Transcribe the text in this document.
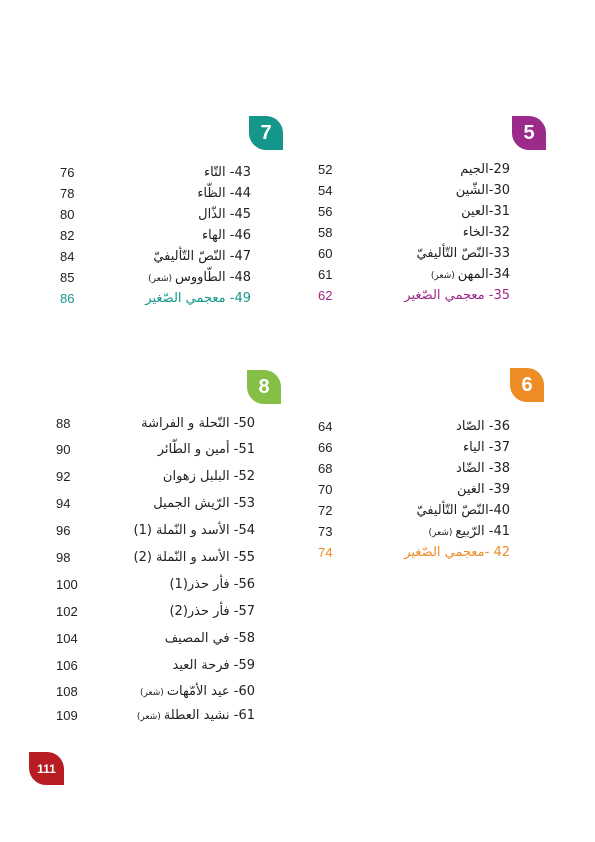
5
52	29-الجيم
54	30-الشّين
56	31-العين
58	32-الخاء
60	33-النّصّ التّأليفيّ
61	34-المهن(شعر)
62	35- معجمي الصّغير
7
76	43- التّاء
78	44- الظّاء
80	45- الذّال
82	46- الهاء
84	47- النّصّ التّأليفيّ
85	48- الطّاووس(شعر)
86	49- معجمي الصّغير
6
64	36- الصّاد
66	37- الياء
68	38- الضّاد
70	39- الغين
72	40-النّصّ التّأليفيّ
73	41- الرّبيع(شعر)
74	42 -معجمي الصّغير
8
88	50- النّحلة و الفراشة
90	51- أمين و الطّائر
92	52- البلبل زهوان
94	53- الرّيش الجميل
96	54- الأسد و النّملة (1)
98	55- الأسد و النّملة (2)
100	56- فأر حذر(1)
102	57- فأر حذر(2)
104	58- في المصيف
106	59- فرحة العيد
108	60- عيد الأمّهات(شعر)
109	61- نشيد العطلة(شعر)
111
